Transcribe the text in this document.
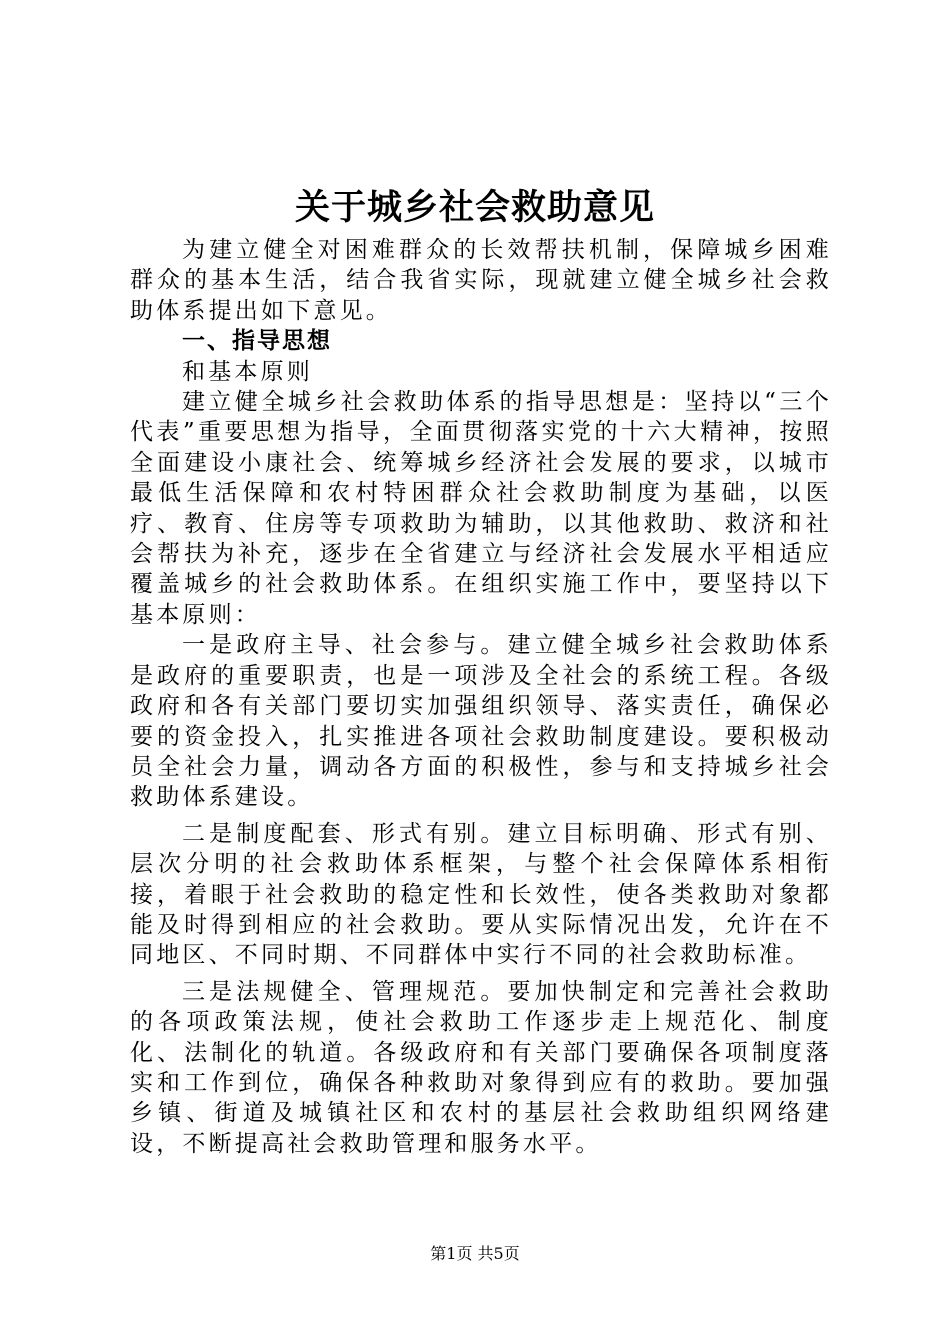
关于城乡社会救助意见

为建立健全对困难群众的长效帮扶机制，保障城乡困难群众的基本生活，结合我省实际，现就建立健全城乡社会救助体系提出如下意见。

一、指导思想

和基本原则

建立健全城乡社会救助体系的指导思想是：坚持以“三个代表”重要思想为指导，全面贯彻落实党的十六大精神，按照全面建设小康社会、统筹城乡经济社会发展的要求，以城市最低生活保障和农村特困群众社会救助制度为基础，以医疗、教育、住房等专项救助为辅助，以其他救助、救济和社会帮扶为补充，逐步在全省建立与经济社会发展水平相适应覆盖城乡的社会救助体系。在组织实施工作中，要坚持以下基本原则：

一是政府主导、社会参与。建立健全城乡社会救助体系是政府的重要职责，也是一项涉及全社会的系统工程。各级政府和各有关部门要切实加强组织领导、落实责任，确保必要的资金投入，扎实推进各项社会救助制度建设。要积极动员全社会力量，调动各方面的积极性，参与和支持城乡社会救助体系建设。

二是制度配套、形式有别。建立目标明确、形式有别、层次分明的社会救助体系框架，与整个社会保障体系相衔接，着眼于社会救助的稳定性和长效性，使各类救助对象都能及时得到相应的社会救助。要从实际情况出发，允许在不同地区、不同时期、不同群体中实行不同的社会救助标准。

三是法规健全、管理规范。要加快制定和完善社会救助的各项政策法规，使社会救助工作逐步走上规范化、制度化、法制化的轨道。各级政府和有关部门要确保各项制度落实和工作到位，确保各种救助对象得到应有的救助。要加强乡镇、街道及城镇社区和农村的基层社会救助组织网络建设，不断提高社会救助管理和服务水平。

第1页 共5页
